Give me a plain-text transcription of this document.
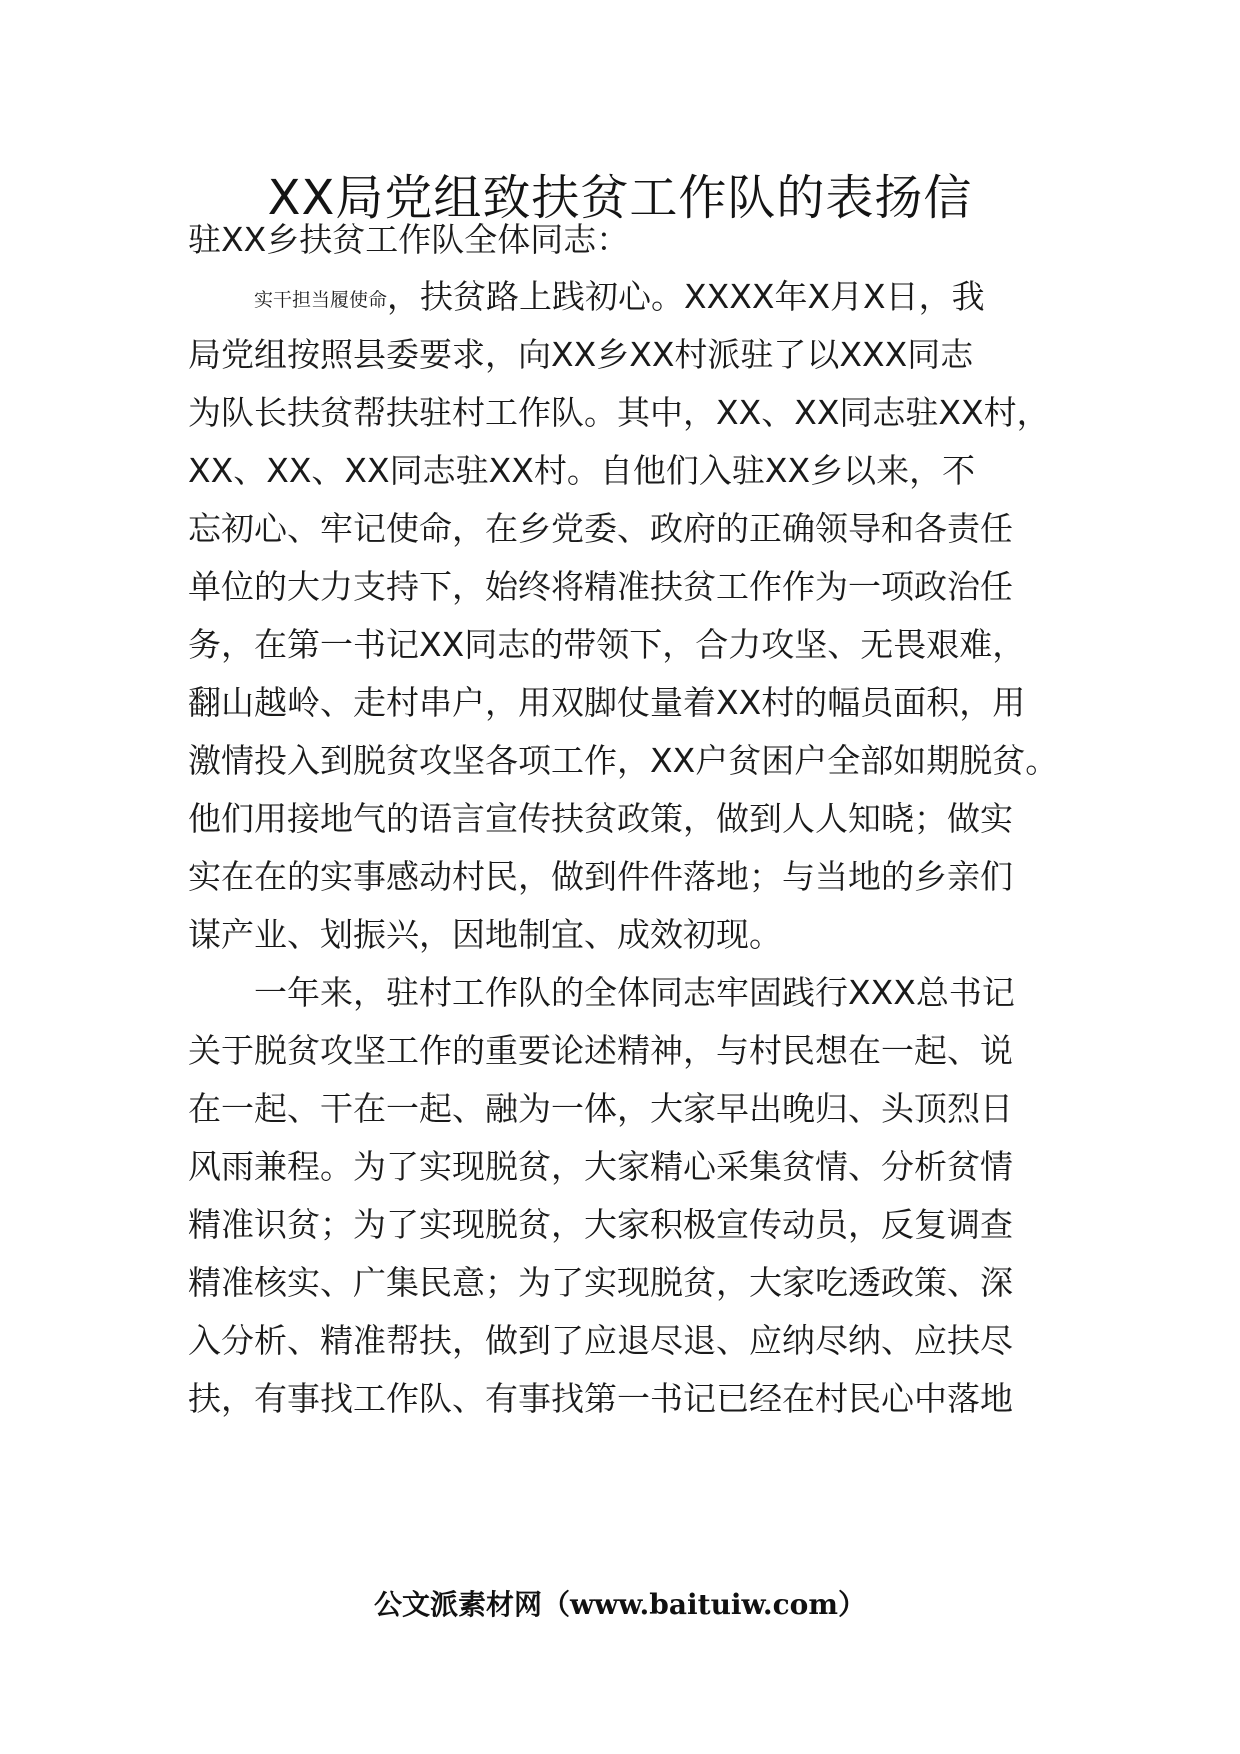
XX局党组致扶贫工作队的表扬信
驻XX乡扶贫工作队全体同志：
实干担当履使命，扶贫路上践初心。XXXX年X月X日，我
局党组按照县委要求，向XX乡XX村派驻了以XXX同志
为队长扶贫帮扶驻村工作队。其中，XX、XX同志驻XX村，
XX、XX、XX同志驻XX村。自他们入驻XX乡以来，不
忘初心、牢记使命，在乡党委、政府的正确领导和各责任
单位的大力支持下，始终将精准扶贫工作作为一项政治任
务，在第一书记XX同志的带领下，合力攻坚、无畏艰难，
翻山越岭、走村串户，用双脚仗量着XX村的幅员面积，用
激情投入到脱贫攻坚各项工作，XX户贫困户全部如期脱贫。
他们用接地气的语言宣传扶贫政策，做到人人知晓；做实
实在在的实事感动村民，做到件件落地；与当地的乡亲们
谋产业、划振兴，因地制宜、成效初现。
一年来，驻村工作队的全体同志牢固践行XXX总书记
关于脱贫攻坚工作的重要论述精神，与村民想在一起、说
在一起、干在一起、融为一体，大家早出晚归、头顶烈日
风雨兼程。为了实现脱贫，大家精心采集贫情、分析贫情
精准识贫；为了实现脱贫，大家积极宣传动员，反复调查
精准核实、广集民意；为了实现脱贫，大家吃透政策、深
入分析、精准帮扶，做到了应退尽退、应纳尽纳、应扶尽
扶，有事找工作队、有事找第一书记已经在村民心中落地
公文派素材网（www.baituiw.com）
